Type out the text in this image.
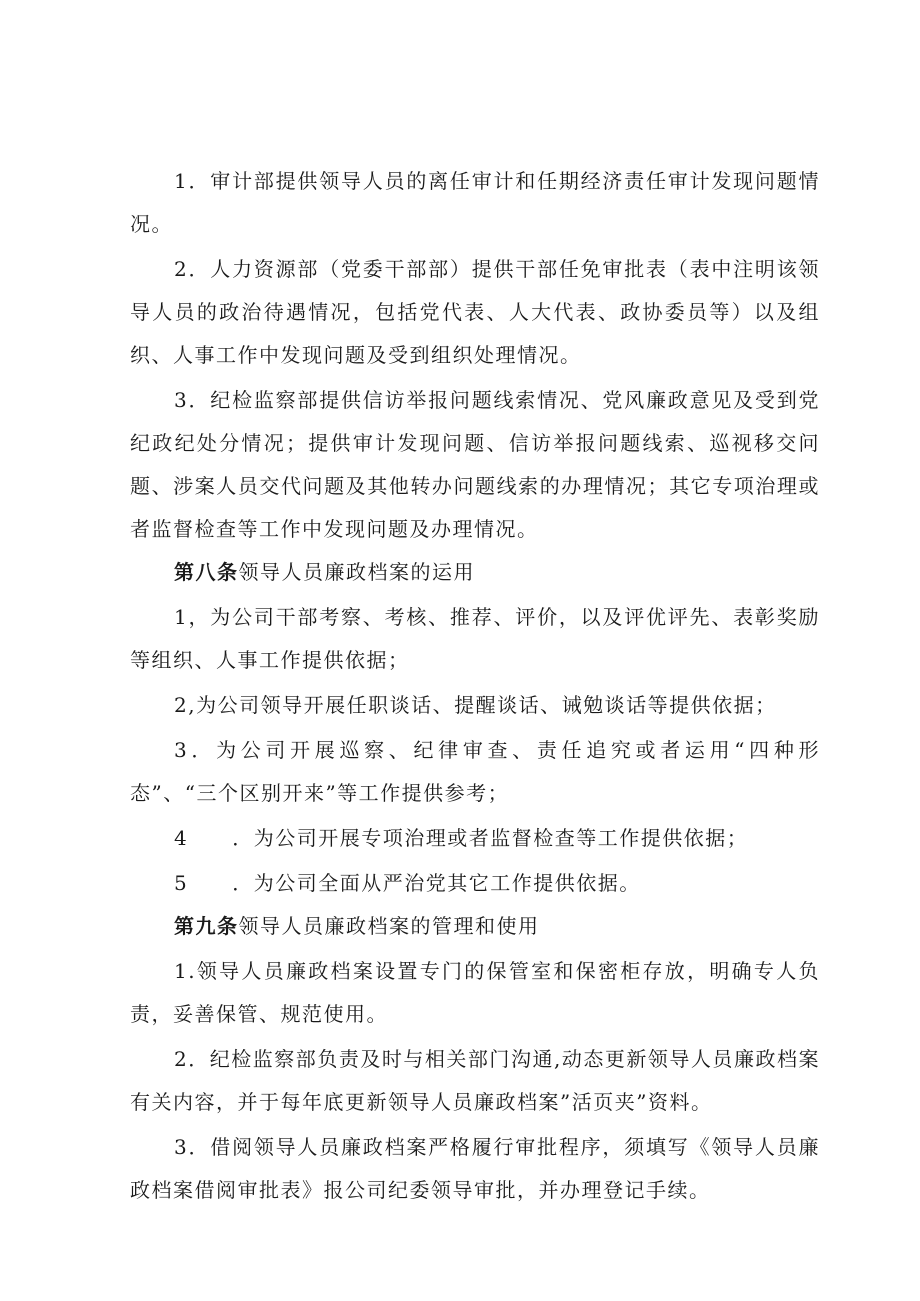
1．审计部提供领导人员的离任审计和任期经济责任审计发现问题情况。

2．人力资源部（党委干部部）提供干部任免审批表（表中注明该领导人员的政治待遇情况，包括党代表、人大代表、政协委员等）以及组织、人事工作中发现问题及受到组织处理情况。

3．纪检监察部提供信访举报问题线索情况、党风廉政意见及受到党纪政纪处分情况；提供审计发现问题、信访举报问题线索、巡视移交问题、涉案人员交代问题及其他转办问题线索的办理情况；其它专项治理或者监督检查等工作中发现问题及办理情况。

第八条领导人员廉政档案的运用

1，为公司干部考察、考核、推荐、评价，以及评优评先、表彰奖励等组织、人事工作提供依据；

2,为公司领导开展任职谈话、提醒谈话、诫勉谈话等提供依据；

3．为公司开展巡察、纪律审查、责任追究或者运用“四种形态”、“三个区别开来”等工作提供参考；

4 ．为公司开展专项治理或者监督检查等工作提供依据；

5 ．为公司全面从严治党其它工作提供依据。

第九条领导人员廉政档案的管理和使用

1.领导人员廉政档案设置专门的保管室和保密柜存放，明确专人负责，妥善保管、规范使用。

2．纪检监察部负责及时与相关部门沟通,动态更新领导人员廉政档案有关内容，并于每年底更新领导人员廉政档案”活页夹”资料。

3．借阅领导人员廉政档案严格履行审批程序，须填写《领导人员廉政档案借阅审批表》报公司纪委领导审批，并办理登记手续。
